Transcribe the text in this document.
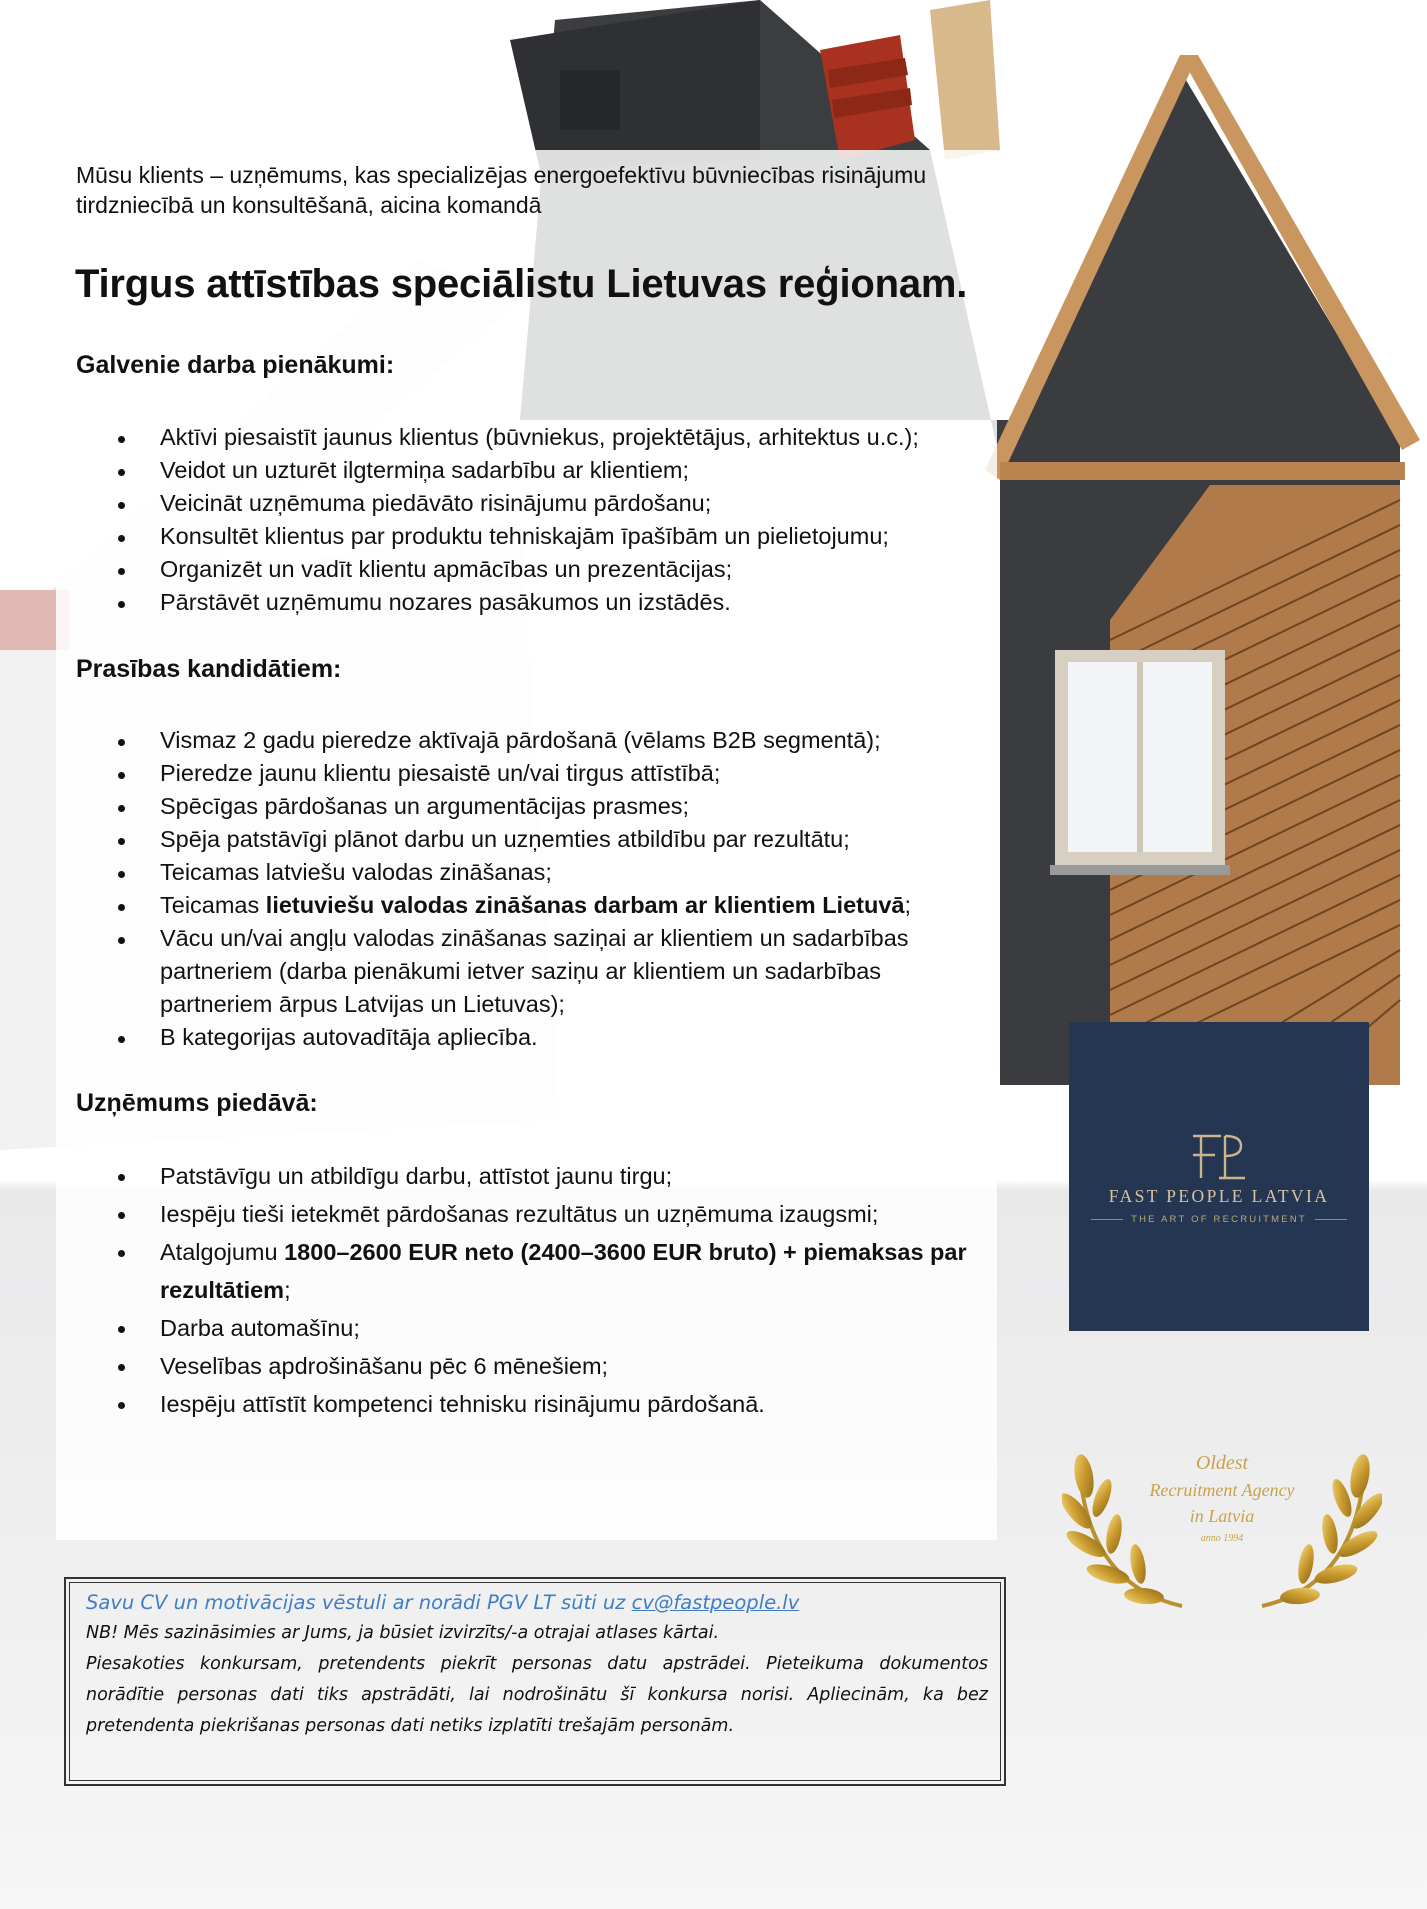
Mūsu klients – uzņēmums, kas specializējas energoefektīvu būvniecības risinājumu tirdzniecībā un konsultēšanā, aicina komandā
Tirgus attīstības speciālistu Lietuvas reģionam.
Galvenie darba pienākumi:
Aktīvi piesaistīt jaunus klientus (būvniekus, projektētājus, arhitektus u.c.);
Veidot un uzturēt ilgtermiņa sadarbību ar klientiem;
Veicināt uzņēmuma piedāvāto risinājumu pārdošanu;
Konsultēt klientus par produktu tehniskajām īpašībām un pielietojumu;
Organizēt un vadīt klientu apmācības un prezentācijas;
Pārstāvēt uzņēmumu nozares pasākumos un izstādēs.
Prasības kandidātiem:
Vismaz 2 gadu pieredze aktīvajā pārdošanā (vēlams B2B segmentā);
Pieredze jaunu klientu piesaistē un/vai tirgus attīstībā;
Spēcīgas pārdošanas un argumentācijas prasmes;
Spēja patstāvīgi plānot darbu un uzņemties atbildību par rezultātu;
Teicamas latviešu valodas zināšanas;
Teicamas lietuviešu valodas zināšanas darbam ar klientiem Lietuvā;
Vācu un/vai angļu valodas zināšanas saziņai ar klientiem un sadarbības partneriem (darba pienākumi ietver saziņu ar klientiem un sadarbības partneriem ārpus Latvijas un Lietuvas);
B kategorijas autovadītāja apliecība.
Uzņēmums piedāvā:
Patstāvīgu un atbildīgu darbu, attīstot jaunu tirgu;
Iespēju tieši ietekmēt pārdošanas rezultātus un uzņēmuma izaugsmi;
Atalgojumu 1800–2600 EUR neto (2400–3600 EUR bruto) + piemaksas par rezultātiem;
Darba automašīnu;
Veselības apdrošināšanu pēc 6 mēnešiem;
Iespēju attīstīt kompetenci tehnisku risinājumu pārdošanā.
FAST PEOPLE LATVIA
THE ART OF RECRUITMENT
Oldest
Recruitment Agency
in Latvia
anno 1994

Savu CV un motivācijas vēstuli ar norādi PGV LT sūti uz cv@fastpeople.lv

NB! Mēs sazināsimies ar Jums, ja būsiet izvirzīts/-a otrajai atlases kārtai.

Piesakoties konkursam, pretendents piekrīt personas datu apstrādei. Pieteikuma dokumentos norādītie personas dati tiks apstrādāti, lai nodrošinātu šī konkursa norisi. Apliecinām, ka bez pretendenta piekrišanas personas dati netiks izplatīti trešajām personām.
